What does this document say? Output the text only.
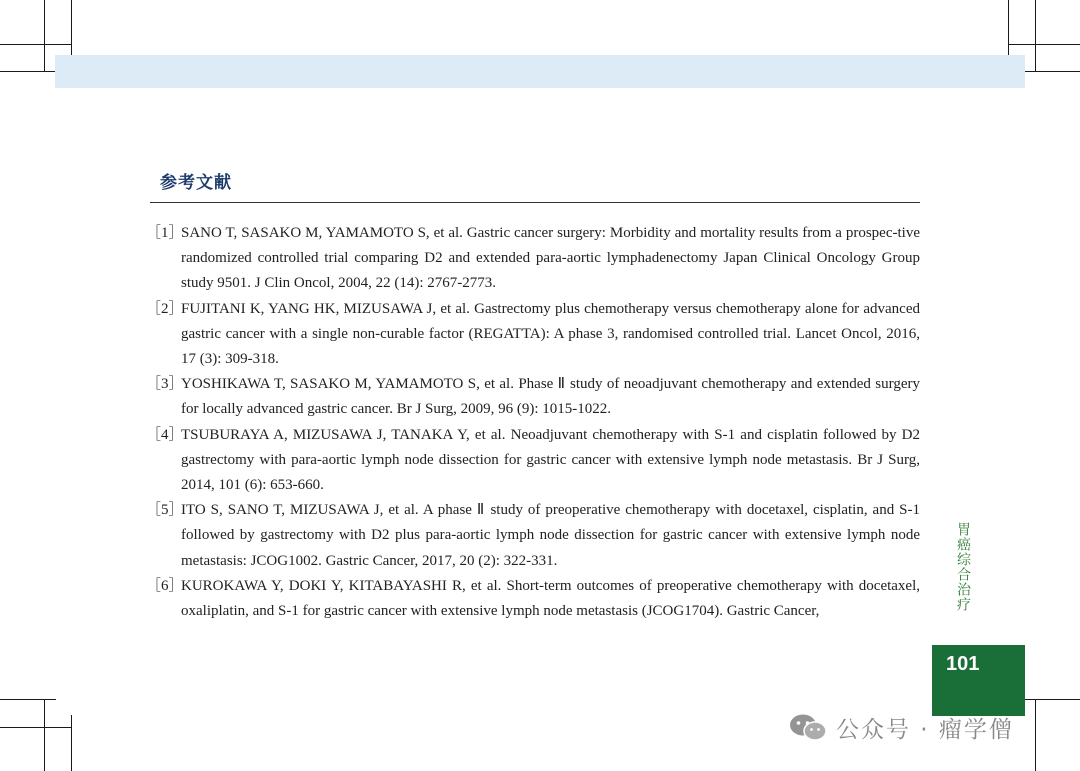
参考文献
［1］
SANO T, SASAKO M, YAMAMOTO S, et al. Gastric cancer surgery: Morbidity and mortality results from a prospec-tive randomized controlled trial comparing D2 and extended para-aortic lymphadenectomy Japan Clinical Oncology Group study 9501. J Clin Oncol, 2004, 22 (14): 2767-2773.
［2］
FUJITANI K, YANG HK, MIZUSAWA J, et al. Gastrectomy plus chemotherapy versus chemotherapy alone for advanced gastric cancer with a single non-curable factor (REGATTA): A phase 3, randomised controlled trial. Lancet Oncol, 2016, 17 (3): 309-318.
［3］
YOSHIKAWA T, SASAKO M, YAMAMOTO S, et al. Phase Ⅱ study of neoadjuvant chemotherapy and extended surgery for locally advanced gastric cancer. Br J Surg, 2009, 96 (9): 1015-1022.
［4］
TSUBURAYA A, MIZUSAWA J, TANAKA Y, et al. Neoadjuvant chemotherapy with S-1 and cisplatin followed by D2 gastrectomy with para-aortic lymph node dissection for gastric cancer with extensive lymph node metastasis. Br J Surg, 2014, 101 (6): 653-660.
［5］
ITO S, SANO T, MIZUSAWA J, et al. A phase Ⅱ study of preoperative chemotherapy with docetaxel, cisplatin, and S-1 followed by gastrectomy with D2 plus para-aortic lymph node dissection for gastric cancer with extensive lymph node metastasis: JCOG1002. Gastric Cancer, 2017, 20 (2): 322-331.
［6］
KUROKAWA Y, DOKI Y, KITABAYASHI R, et al. Short-term outcomes of preoperative chemotherapy with docetaxel, oxaliplatin, and S-1 for gastric cancer with extensive lymph node metastasis (JCOG1704). Gastric Cancer,	胃癌综合治疗
101
公众号 · 瘤学僧
